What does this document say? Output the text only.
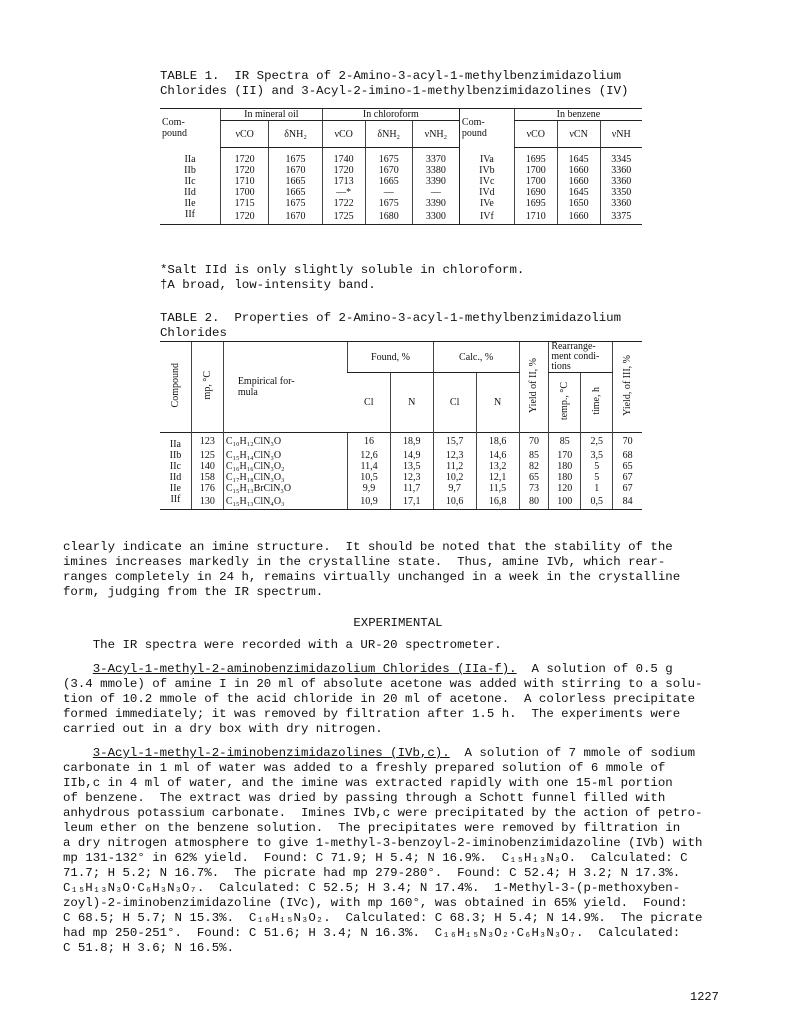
TABLE 1.  IR Spectra of 2-Amino-3-acyl-1-methylbenzimidazolium
Chlorides (II) and 3-Acyl-2-imino-1-methylbenzimidazolines (IV)
Com-
pound	In mineral oil		In chloroform			Com-
pound	In benzene		
	νCO	δNH₂	νCO	δNH₂	νNH₂		νCO	νCN	νNH
IIa	1720	1675	1740	1675	3370	IVa	1695	1645	3345
IIb	1720	1670	1720	1670	3380	IVb	1700	1660	3360
IIc	1710	1665	1713	1665	3390	IVc	1700	1660	3360
IId	1700	1665	—*	—	—	IVd	1690	1645	3350
IIe	1715	1675	1722	1675	3390	IVe	1695	1650	3360
IIf	1720	1670	1725	1680	3300	IVf	1710	1660	3375
*Salt IId is only slightly soluble in chloroform.
†A broad, low-intensity band.
TABLE 2.  Properties of 2-Amino-3-acyl-1-methylbenzimidazolium
Chlorides
Compound	mp, °C	Empirical for-
mula	Found, %		Calc., %		Yield of II, %	Rearrange-
ment condi-
tions		Yield, of III, %
			Cl	N	Cl	N		temp., °C	time, h	

IIa	123	C₁₀H₁₂ClN₃O	16	18,9	15,7	18,6	70	85	2,5	70
IIb	125	C₁₅H₁₄ClN₃O	12,6	14,9	12,3	14,6	85	170	3,5	68
IIc	140	C₁₆H₁₆ClN₃O₂	11,4	13,5	11,2	13,2	82	180	5	65
IId	158	C₁₇H₁₈ClN₃O₃	10,5	12,3	10,2	12,1	65	180	5	67
IIe	176	C₁₅H₁₃BrClN₃O	9,9	11,7	9,7	11,5	73	120	1	67
IIf	130	C₁₅H₁₃ClN₄O₃	10,9	17,1	10,6	16,8	80	100	0,5	84
clearly indicate an imine structure.  It should be noted that the stability of the
imines increases markedly in the crystalline state.  Thus, amine IVb, which rear-
ranges completely in 24 h, remains virtually unchanged in a week in the crystalline
form, judging from the IR spectrum.
EXPERIMENTAL
The IR spectra were recorded with a UR-20 spectrometer.
3-Acyl-1-methyl-2-aminobenzimidazolium Chlorides (IIa-f).  A solution of 0.5 g
(3.4 mmole) of amine I in 20 ml of absolute acetone was added with stirring to a solu-
tion of 10.2 mmole of the acid chloride in 20 ml of acetone.  A colorless precipitate
formed immediately; it was removed by filtration after 1.5 h.  The experiments were
carried out in a dry box with dry nitrogen.
3-Acyl-1-methyl-2-iminobenzimidazolines (IVb,c).  A solution of 7 mmole of sodium
carbonate in 1 ml of water was added to a freshly prepared solution of 6 mmole of
IIb,c in 4 ml of water, and the imine was extracted rapidly with one 15-ml portion
of benzene.  The extract was dried by passing through a Schott funnel filled with
anhydrous potassium carbonate.  Imines IVb,c were precipitated by the action of petro-
leum ether on the benzene solution.  The precipitates were removed by filtration in
a dry nitrogen atmosphere to give 1-methyl-3-benzoyl-2-iminobenzimidazoline (IVb) with
mp 131-132° in 62% yield.  Found: C 71.9; H 5.4; N 16.9%.  C₁₅H₁₃N₃O.  Calculated: C
71.7; H 5.2; N 16.7%.  The picrate had mp 279-280°.  Found: C 52.4; H 3.2; N 17.3%.
C₁₅H₁₃N₃O·C₆H₃N₃O₇.  Calculated: C 52.5; H 3.4; N 17.4%.  1-Methyl-3-(p-methoxyben-
zoyl)-2-iminobenzimidazoline (IVc), with mp 160°, was obtained in 65% yield.  Found:
C 68.5; H 5.7; N 15.3%.  C₁₆H₁₅N₃O₂.  Calculated: C 68.3; H 5.4; N 14.9%.  The picrate
had mp 250-251°.  Found: C 51.6; H 3.4; N 16.3%.  C₁₆H₁₅N₃O₂·C₆H₃N₃O₇.  Calculated:
C 51.8; H 3.6; N 16.5%.
1227
